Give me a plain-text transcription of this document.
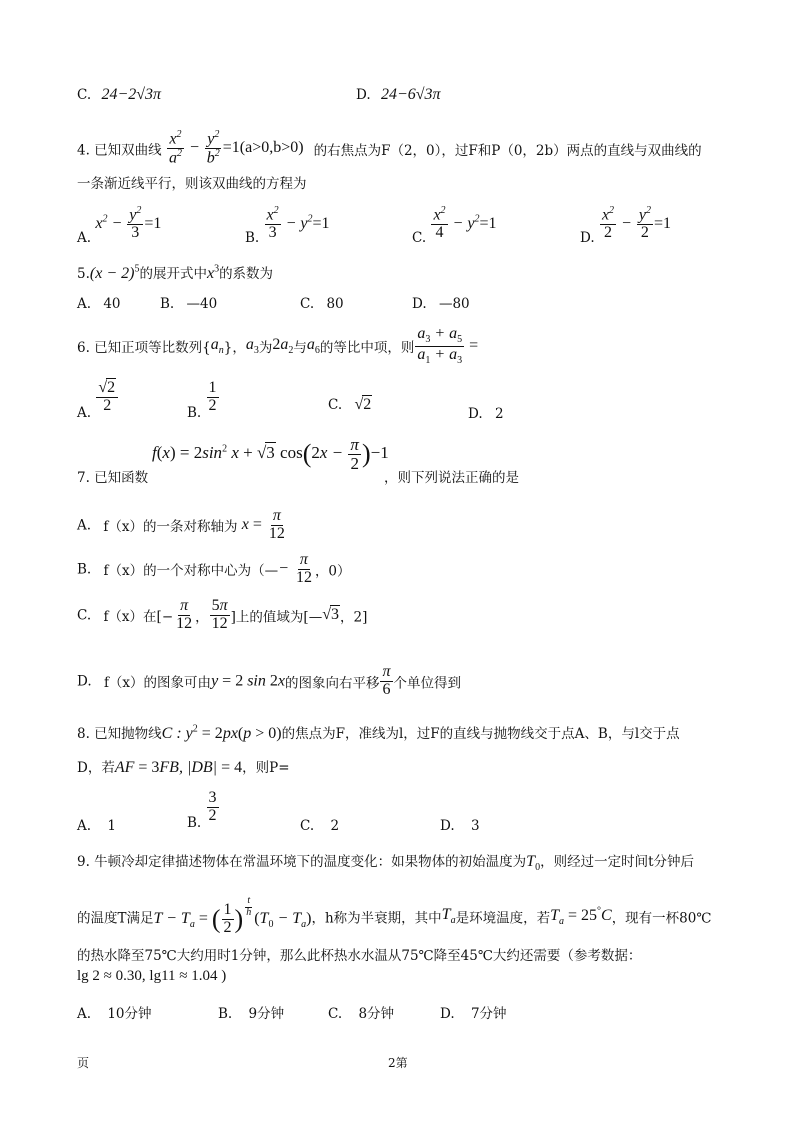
C. 24−2√3π	D. 24−6√3π
4. 已知双曲线 $\frac{x^2}{a^2} - \frac{y^2}{b^2} =1(a>0,b>0)$ 的右焦点为F（2，0），过F和P（0，2b）两点的直线与双曲线的
一条渐近线平行，则该双曲线的方程为
A. $x^2 - \frac{y^2}{3} =1$
B. $\frac{x^2}{3} - y^2=1$
C. $\frac{x^2}{4} - y^2=1$
D. $\frac{x^2}{2} - \frac{y^2}{2} =1$
$5.(x - 2)^5$的展开式中$x^3$的系数为
A. 40	B. —40	C. 80	D. —80
6. 已知正项等比数列$\{a_n\}$，$a_3$为$2a_2$与$a_6$的等比中项，则 $\frac{a_3 + a_5}{a_1 + a_3}$ =
A. $\frac{√2}{2}$	B. $\frac{1}{2}$	C. √2
D. 2
$f(x) = 2\sin^2$ x + √3 $\cos(2x - \frac{\pi}{2} )-1$
7. 已知函数	，则下列说法正确的是
A. f（x）的一条对称轴为 $x = \frac{\pi}{12}$
B. f（x）的一个对称中心为（—− $\frac{\pi}{12}$ ，0）
C. f（x）在[− $\frac{\pi}{12}$ ， $\frac{5\pi}{12}$ ]上的值域为[—√3，2]
D. f（x）的图象可由y = 2 sin 2x的图象向右平移 $\frac{\pi}{6}$ 个单位得到
8. 已知抛物线C : $y^2 = 2px(p > 0)$的焦点为F，准线为l，过F的直线与抛物线交于点A、B，与l交于点
D，若AF = 3FB, |DB| = 4，则P=
A. 1	B. $\frac{3}{2}$
C. 2	D. 3
9. 牛顿冷却定律描述物体在常温环境下的温度变化：如果物体的初始温度为$T_0$，则经过一定时间t分钟后
的温度T满足$T - T_a$ = ( $\frac{1}{2}$ ) $^{\frac{t}{h}}$
$(T_0 - T_a)$，h称为半衰期，其中$T_a$是环境温度，若$T_a = 25^\circ C$，现有一杯80℃
的热水降至75℃大约用时1分钟，那么此杯热水水温从75℃降至45℃大约还需要（参考数据：
lg 2 ≈ 0.30, lg11 ≈ 1.04 )
A. 10分钟	B. 9分钟	C. 8分钟	D. 7分钟
页	2第
